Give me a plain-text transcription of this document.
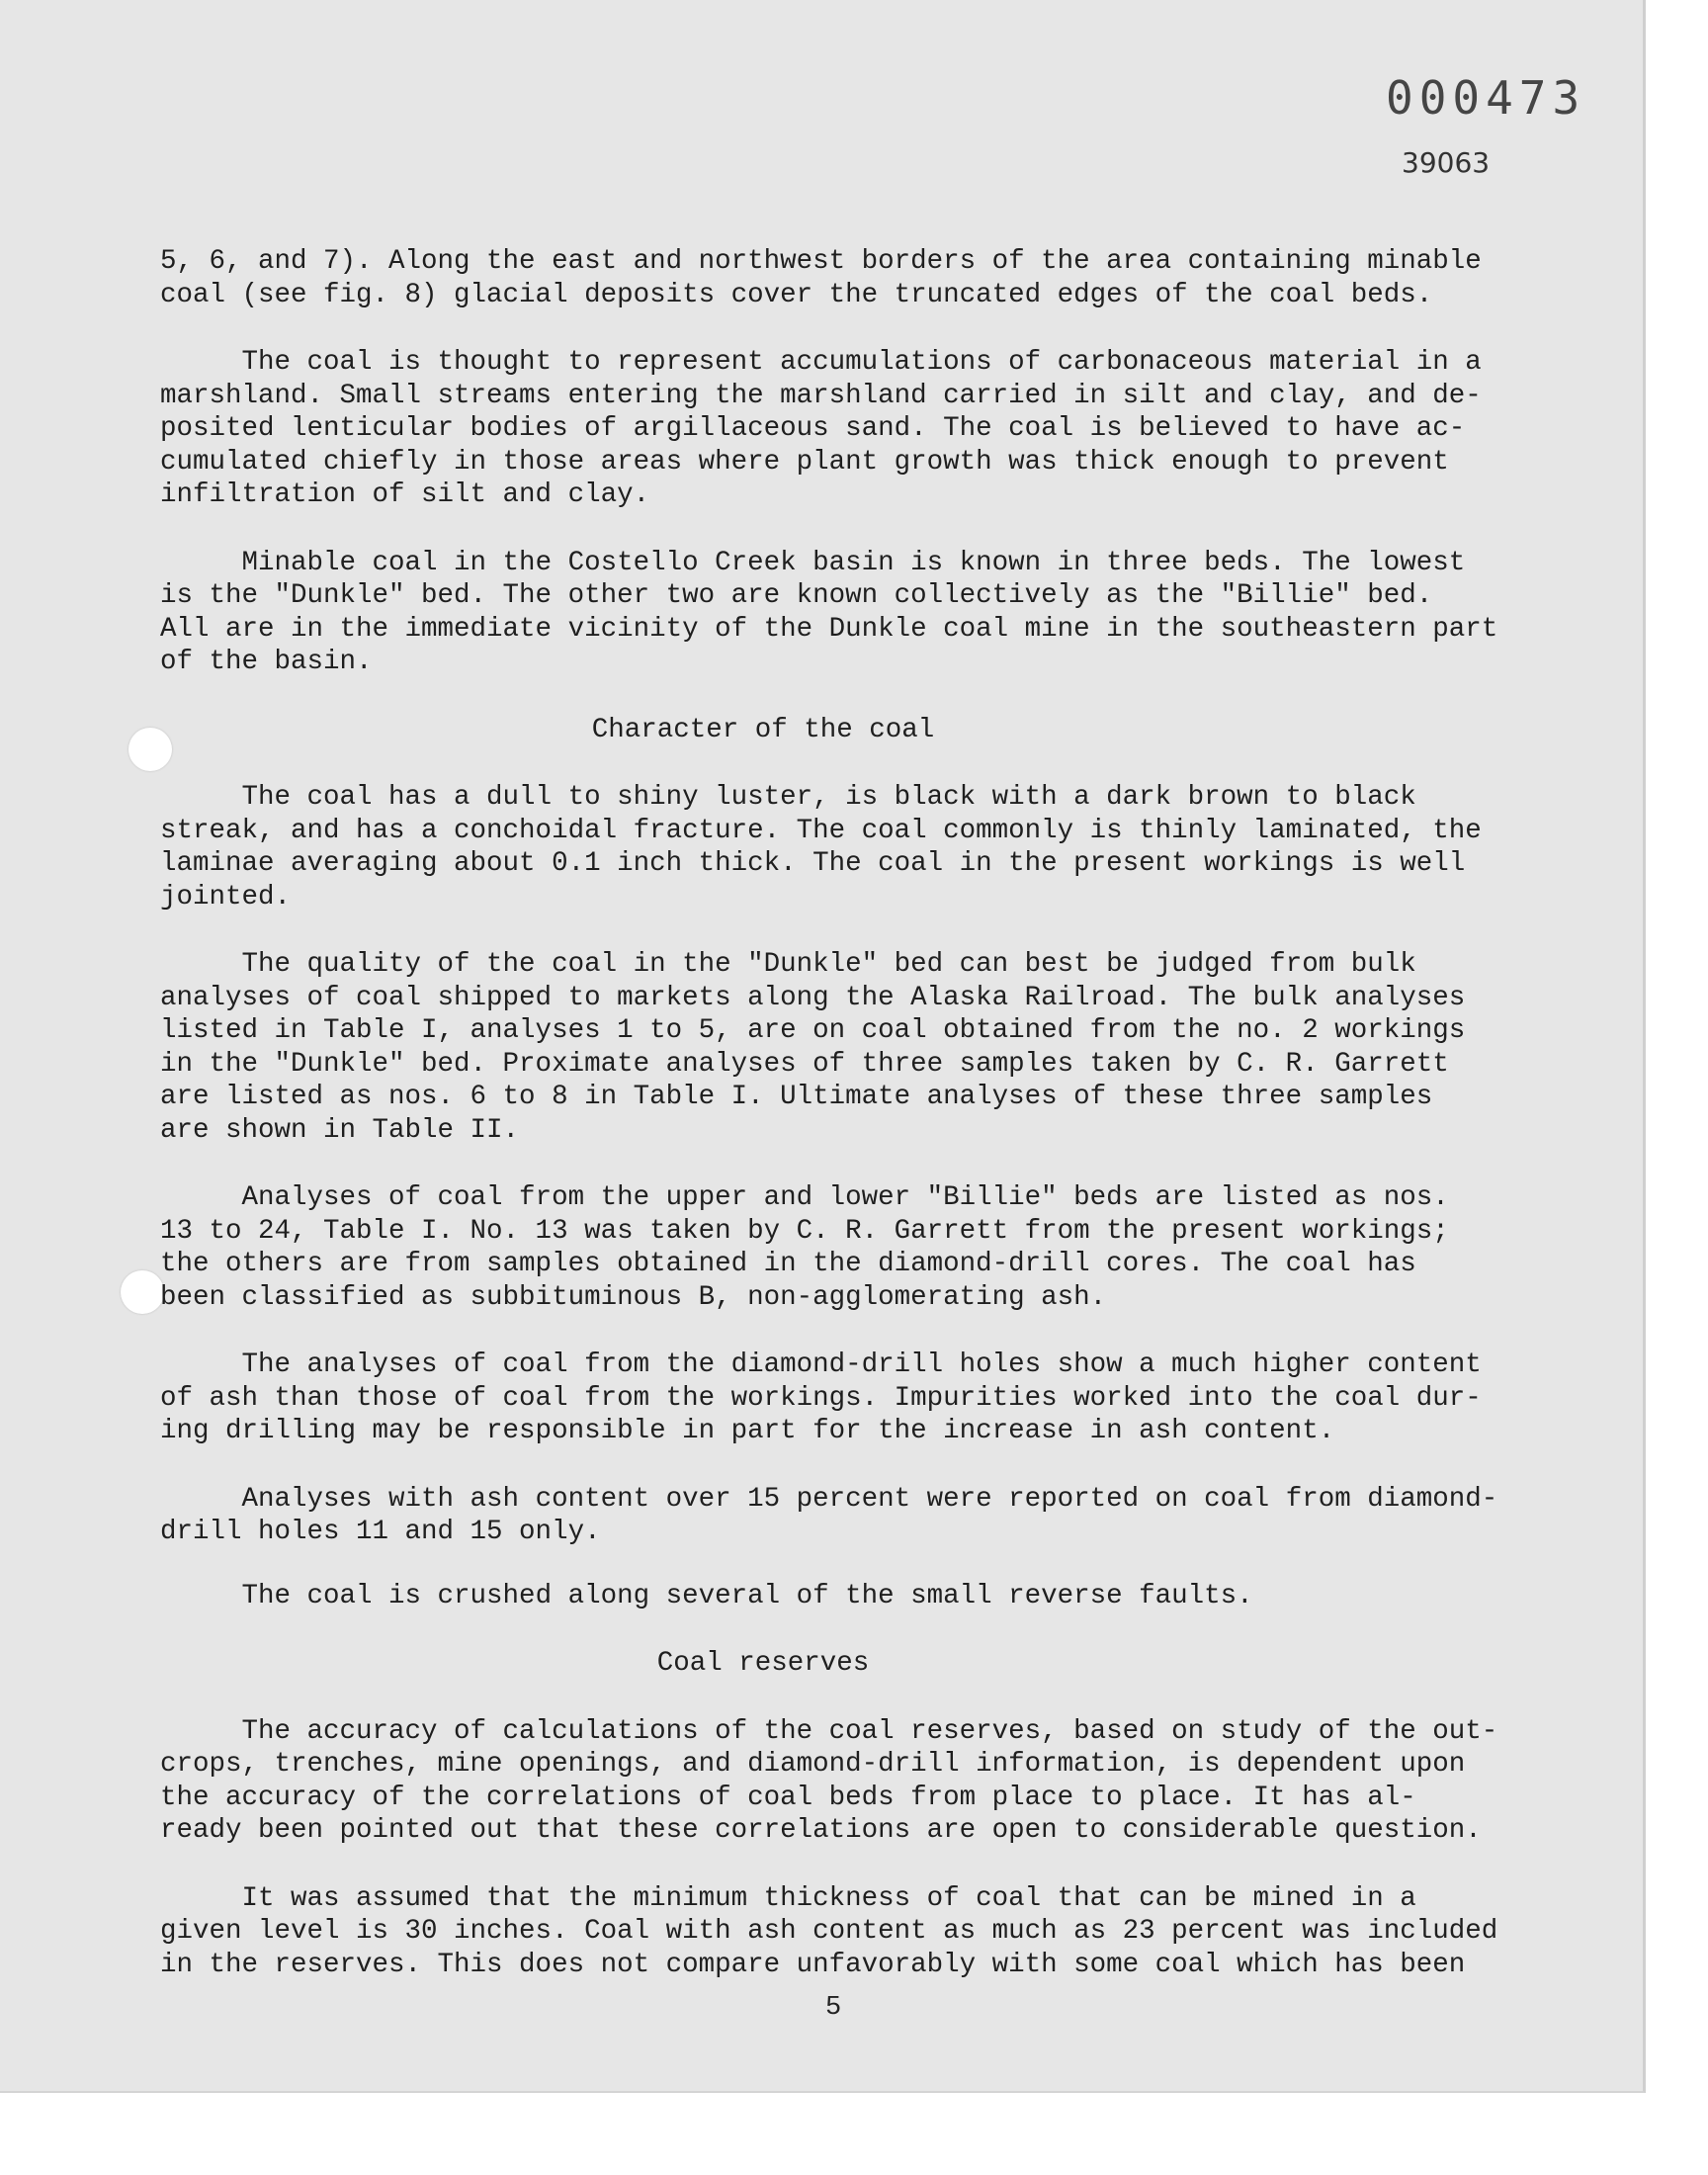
000473
39063

5, 6, and 7). Along the east and northwest borders of the area containing minable
coal (see fig. 8) glacial deposits cover the truncated edges of the coal beds.

The coal is thought to represent accumulations of carbonaceous material in a
marshland. Small streams entering the marshland carried in silt and clay, and de-
posited lenticular bodies of argillaceous sand. The coal is believed to have ac-
cumulated chiefly in those areas where plant growth was thick enough to prevent
infiltration of silt and clay.

Minable coal in the Costello Creek basin is known in three beds. The lowest
is the "Dunkle" bed. The other two are known collectively as the "Billie" bed.
All are in the immediate vicinity of the Dunkle coal mine in the southeastern part
of the basin.

Character of the coal

The coal has a dull to shiny luster, is black with a dark brown to black
streak, and has a conchoidal fracture. The coal commonly is thinly laminated, the
laminae averaging about 0.1 inch thick. The coal in the present workings is well
jointed.

The quality of the coal in the "Dunkle" bed can best be judged from bulk
analyses of coal shipped to markets along the Alaska Railroad. The bulk analyses
listed in Table I, analyses 1 to 5, are on coal obtained from the no. 2 workings
in the "Dunkle" bed. Proximate analyses of three samples taken by C. R. Garrett
are listed as nos. 6 to 8 in Table I. Ultimate analyses of these three samples
are shown in Table II.

Analyses of coal from the upper and lower "Billie" beds are listed as nos.
13 to 24, Table I. No. 13 was taken by C. R. Garrett from the present workings;
the others are from samples obtained in the diamond-drill cores. The coal has
been classified as subbituminous B, non-agglomerating ash.

The analyses of coal from the diamond-drill holes show a much higher content
of ash than those of coal from the workings. Impurities worked into the coal dur-
ing drilling may be responsible in part for the increase in ash content.

Analyses with ash content over 15 percent were reported on coal from diamond-
drill holes 11 and 15 only.

The coal is crushed along several of the small reverse faults.

Coal reserves

The accuracy of calculations of the coal reserves, based on study of the out-
crops, trenches, mine openings, and diamond-drill information, is dependent upon
the accuracy of the correlations of coal beds from place to place. It has al-
ready been pointed out that these correlations are open to considerable question.

It was assumed that the minimum thickness of coal that can be mined in a
given level is 30 inches. Coal with ash content as much as 23 percent was included
in the reserves. This does not compare unfavorably with some coal which has been

5
